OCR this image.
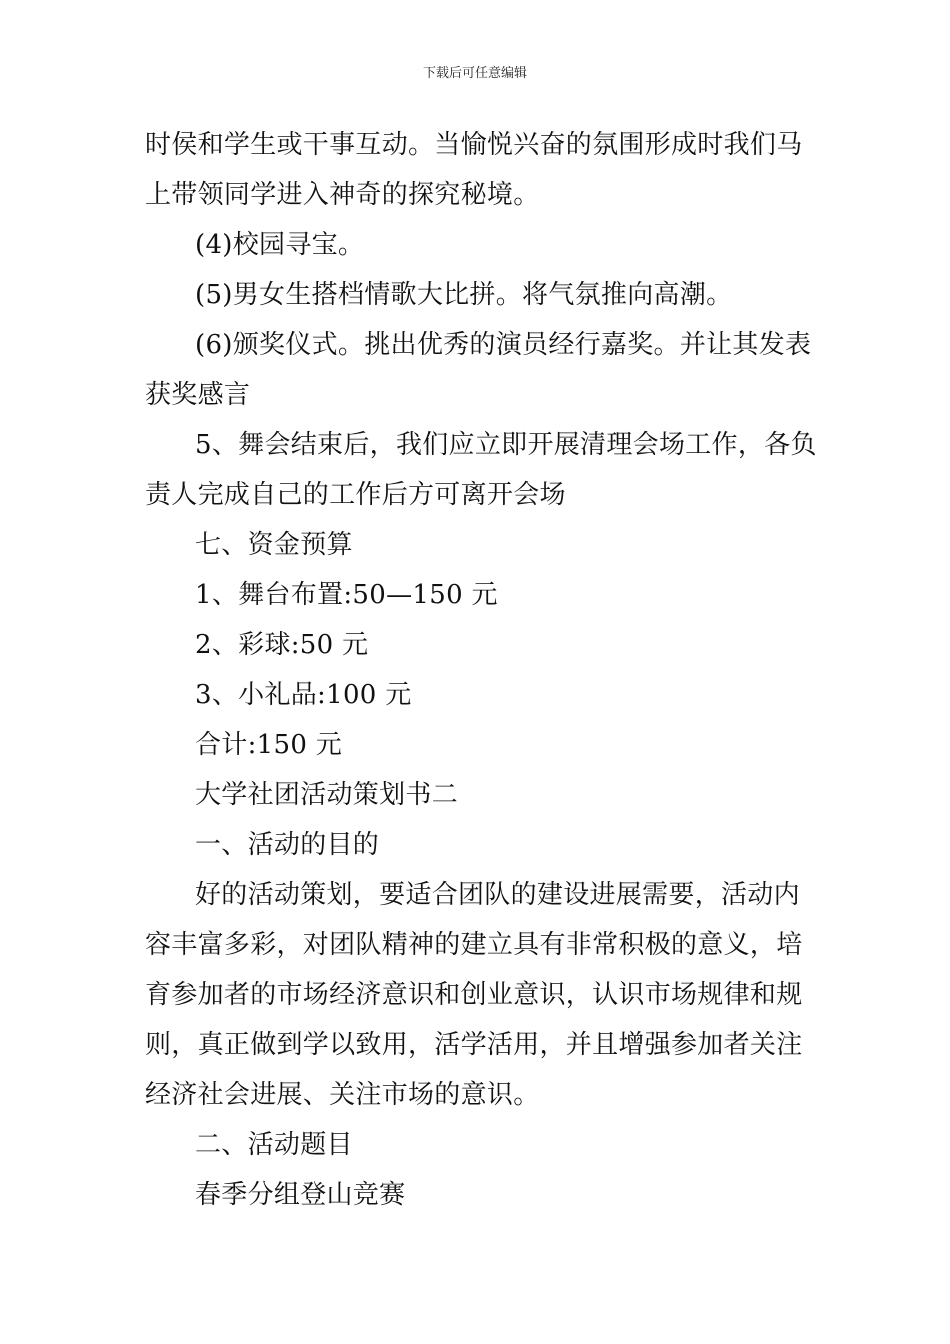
下载后可任意编辑
时侯和学生或干事互动。当愉悦兴奋的氛围形成时我们马
上带领同学进入神奇的探究秘境。
(4)校园寻宝。
(5)男女生搭档情歌大比拼。将气氛推向高潮。
(6)颁奖仪式。挑出优秀的演员经行嘉奖。并让其发表
获奖感言
5、舞会结束后，我们应立即开展清理会场工作，各负
责人完成自己的工作后方可离开会场
七、资金预算
1、舞台布置:50—150 元
2、彩球:50 元
3、小礼品:100 元
合计:150 元
大学社团活动策划书二
一、活动的目的
好的活动策划，要适合团队的建设进展需要，活动内
容丰富多彩，对团队精神的建立具有非常积极的意义，培
育参加者的市场经济意识和创业意识，认识市场规律和规
则，真正做到学以致用，活学活用，并且增强参加者关注
经济社会进展、关注市场的意识。
二、活动题目
春季分组登山竞赛
